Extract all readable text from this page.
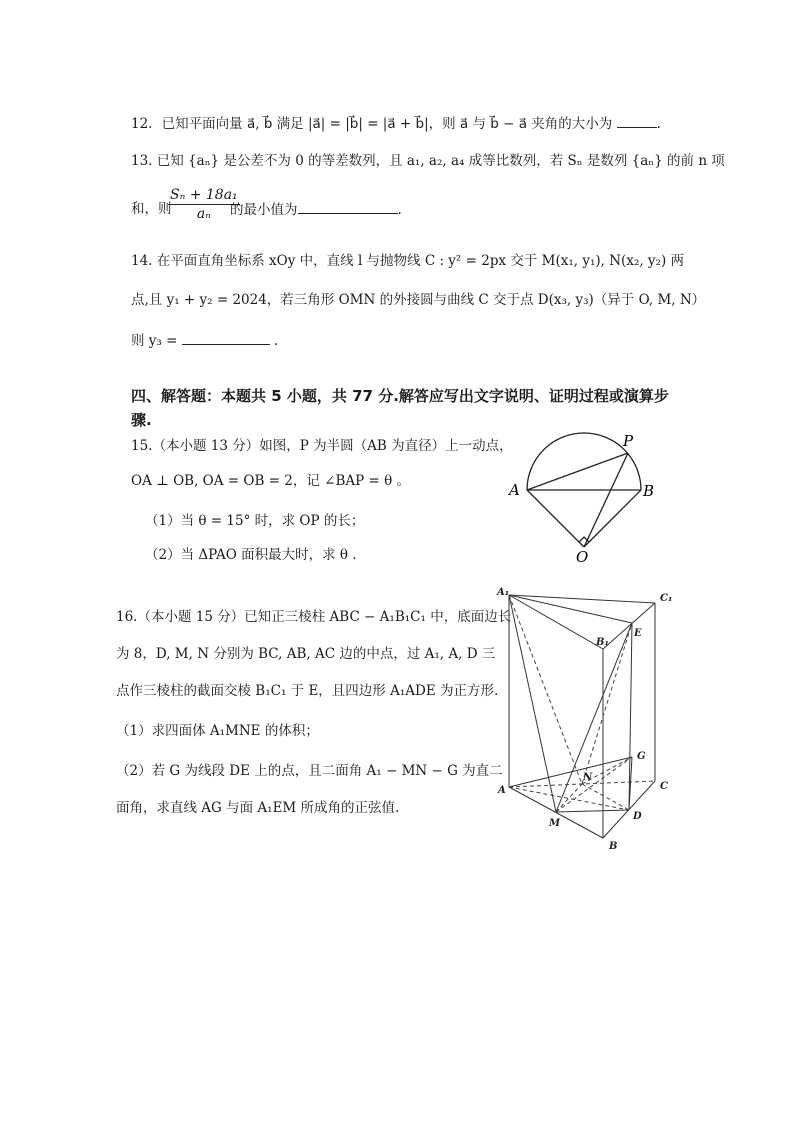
12．已知平面向量 a⃗, b⃗ 满足 |a⃗| = |b⃗| = |a⃗ + b⃗|，则 a⃗ 与 b⃗ − a⃗ 夹角的大小为	.
13. 已知 {aₙ} 是公差不为 0 的等差数列，且 a₁, a₂, a₄ 成等比数列，若 Sₙ 是数列 {aₙ} 的前 n 项
和，则
$\frac{\text{Sₙ + 18a₁}}{\text{aₙ}}$
的最小值为	.
14. 在平面直角坐标系 xOy 中，直线 l 与抛物线 C : y² = 2px 交于 M(x₁, y₁), N(x₂, y₂) 两
点,且 y₁ + y₂ = 2024，若三角形 OMN 的外接圆与曲线 C 交于点 D(x₃, y₃)（异于 O, M, N）
则 y₃ =	.
四、解答题：本题共 5 小题，共 77 分.解答应写出文字说明、证明过程或演算步
骤.
15.（本小题 13 分）如图，P 为半圆（AB 为直径）上一动点，
OA ⊥ OB, OA = OB = 2，记 ∠BAP = θ 。
（1）当 θ = 15° 时，求 OP 的长；
（2）当 ΔPAO 面积最大时，求 θ .
P
A	B
O
16.（本小题 15 分）已知正三棱柱 ABC − A₁B₁C₁ 中，底面边长
为 8，D, M, N 分别为 BC, AB, AC 边的中点，过 A₁, A, D 三
点作三棱柱的截面交棱 B₁C₁ 于 E，且四边形 A₁ADE 为正方形.
（1）求四面体 A₁MNE 的体积；
（2）若 G 为线段 DE 上的点，且二面角 A₁ − MN − G 为直二
面角，求直线 AG 与面 A₁EM 所成角的正弦值.
A₁
C₁
B₁
E
G
N
A	C
M
D
B
